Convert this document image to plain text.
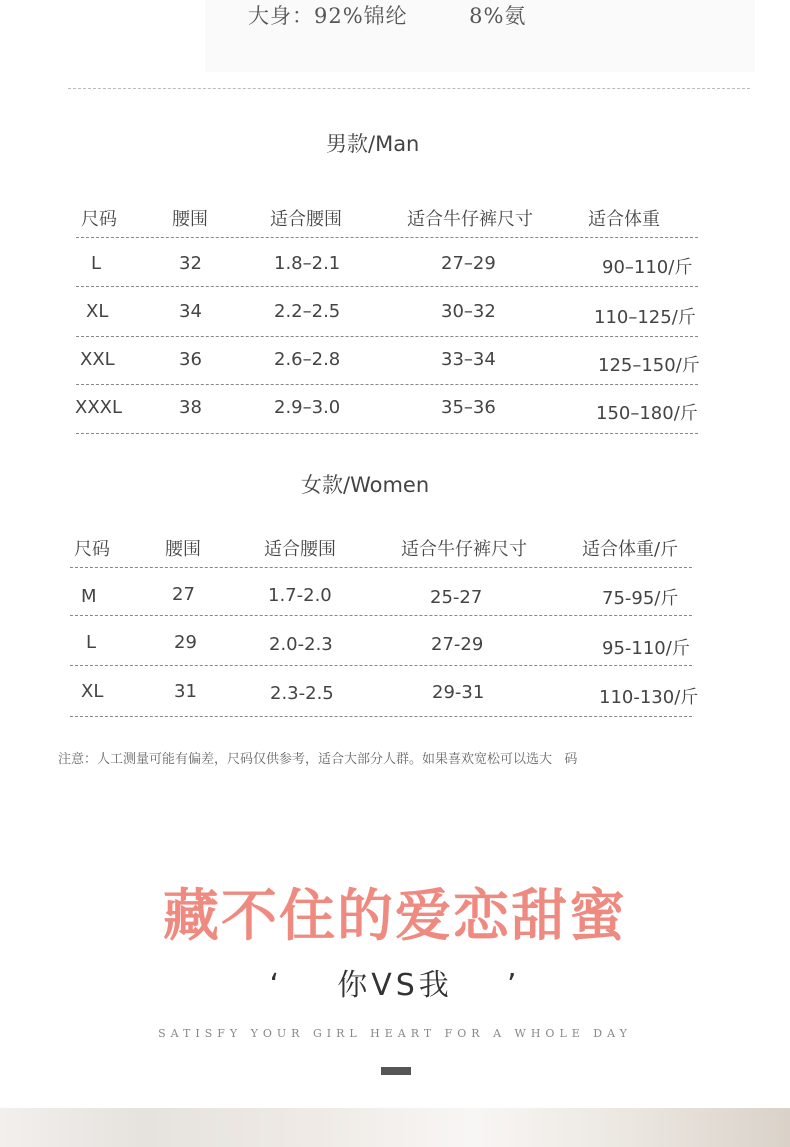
大身：92%锦纶	8%氨
男款/Man
尺码	腰围	适合腰围	适合牛仔裤尺寸	适合体重
L	32	1.8–2.1	27–29	90–110/斤
XL	34	2.2–2.5	30–32	110–125/斤
XXL	36	2.6–2.8	33–34	125–150/斤
XXXL	38	2.9–3.0	35–36	150–180/斤
女款/Women
尺码	腰围	适合腰围	适合牛仔裤尺寸	适合体重/斤
M	27	1.7-2.0	25-27	75-95/斤
L	29	2.0-2.3	27-29	95-110/斤
XL	31	2.3-2.5	29-31	110-130/斤
注意：人工测量可能有偏差，尺码仅供参考，适合大部分人群。如果喜欢宽松可以选大   码
藏不住的爱恋甜蜜
‘    你VS我    ’
SATISFY YOUR GIRL HEART FOR A WHOLE DAY
